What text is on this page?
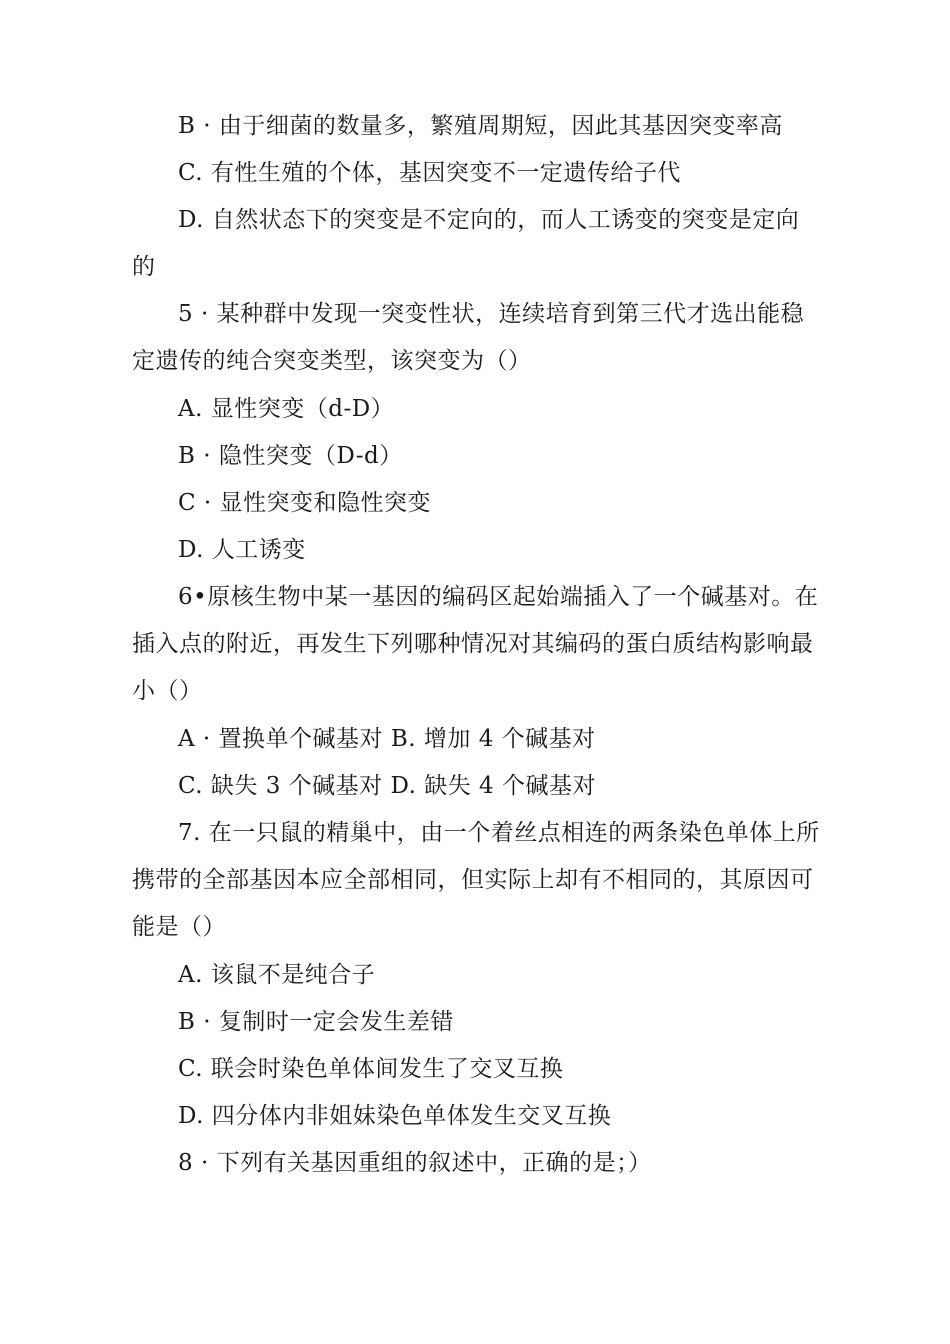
B · 由于细菌的数量多，繁殖周期短，因此其基因突变率高
C. 有性生殖的个体，基因突变不一定遗传给子代
D. 自然状态下的突变是不定向的，而人工诱变的突变是定向
的
5 · 某种群中发现一突变性状，连续培育到第三代才选出能稳
定遗传的纯合突变类型，该突变为（）
A. 显性突变（d-D）
B · 隐性突变（D-d）
C · 显性突变和隐性突变
D. 人工诱变
6•原核生物中某一基因的编码区起始端插入了一个碱基对。在
插入点的附近，再发生下列哪种情况对其编码的蛋白质结构影响最
小（）
A · 置换单个碱基对 B. 增加 4 个碱基对
C. 缺失 3 个碱基对 D. 缺失 4 个碱基对
7. 在一只鼠的精巢中，由一个着丝点相连的两条染色单体上所
携带的全部基因本应全部相同，但实际上却有不相同的，其原因可
能是（）
A. 该鼠不是纯合子
B · 复制时一定会发生差错
C. 联会时染色单体间发生了交叉互换
D. 四分体内非姐妹染色单体发生交叉互换
8 · 下列有关基因重组的叙述中，正确的是；）
